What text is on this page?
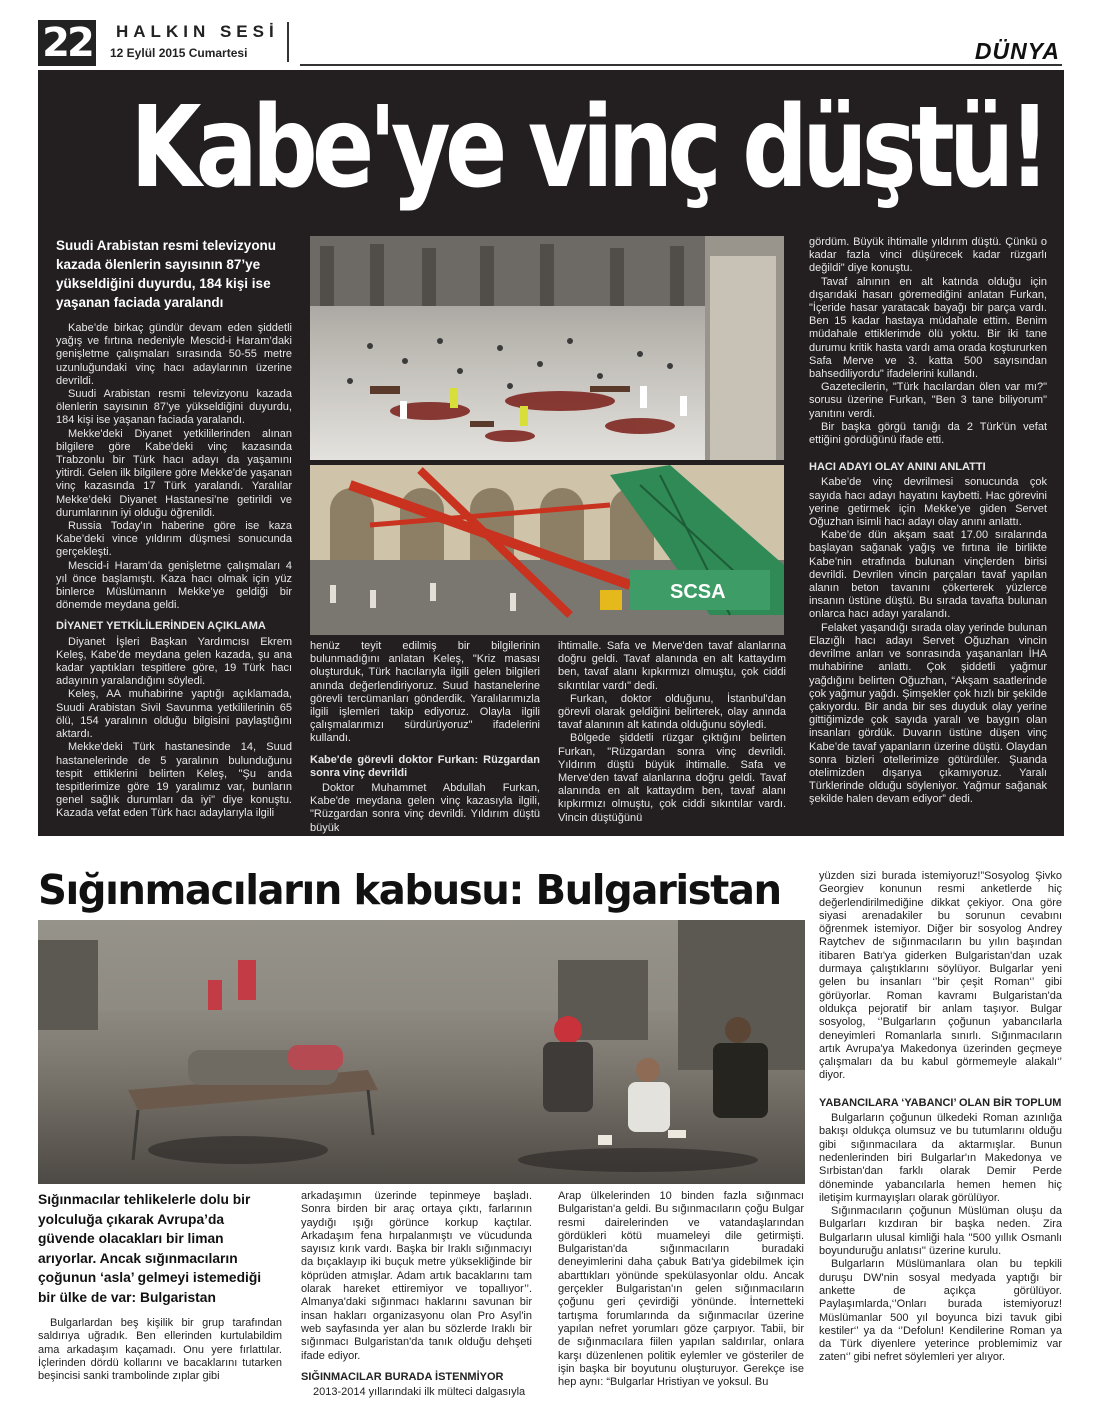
22 HALKIN SESİ
12 Eylül 2015 Cumartesi	DÜNYA
Kabe'ye vinç düştü!
Suudi Arabistan resmi televizyonu kazada ölenlerin sayısının 87’ye yükseldiğini duyurdu, 184 kişi ise yaşanan faciada yaralandı

Kabe’de birkaç gündür devam eden şiddetli yağış ve fırtına nedeniyle Mescid-i Haram’daki genişletme çalışmaları sırasında 50-55 metre uzunluğundaki vinç hacı adaylarının üzerine devrildi.

Suudi Arabistan resmi televizyonu kazada ölenlerin sayısının 87’ye yükseldiğini duyurdu, 184 kişi ise yaşanan faciada yaralandı.

Mekke'deki Diyanet yetkililerinden alınan bilgilere göre Kabe'deki vinç kazasında Trabzonlu bir Türk hacı adayı da yaşamını yitirdi. Gelen ilk bilgilere göre Mekke’de yaşanan vinç kazasında 17 Türk yaralandı. Yaralılar Mekke’deki Diyanet Hastanesi’ne getirildi ve durumlarının iyi olduğu öğrenildi.

Russia Today’ın haberine göre ise kaza Kabe’deki vince yıldırım düşmesi sonucunda gerçekleşti.

Mescid-i Haram’da genişletme çalışmaları 4 yıl önce başlamıştı. Kaza hacı olmak için yüz binlerce Müslümanın Mekke’ye geldiği bir dönemde meydana geldi.

DİYANET YETKİLİLERİNDEN AÇIKLAMA

Diyanet İşleri Başkan Yardımcısı Ekrem Keleş, Kabe'de meydana gelen kazada, şu ana kadar yaptıkları tespitlere göre, 19 Türk hacı adayının yaralandığını söyledi.

Keleş, AA muhabirine yaptığı açıklamada, Suudi Arabistan Sivil Savunma yetkililerinin 65 ölü, 154 yaralının olduğu bilgisini paylaştığını aktardı.

Mekke'deki Türk hastanesinde 14, Suud hastanelerinde de 5 yaralının bulunduğunu tespit ettiklerini belirten Keleş, "Şu anda tespitlerimize göre 19 yaralımız var, bunların genel sağlık durumları da iyi" diye konuştu. Kazada vefat eden Türk hacı adaylarıyla ilgili

SCSA

henüz teyit edilmiş bir bilgilerinin bulunmadığını anlatan Keleş, "Kriz masası oluşturduk, Türk hacılarıyla ilgili gelen bilgileri anında değerlendiriyoruz. Suud hastanelerine görevli tercümanları gönderdik. Yaralılarımızla ilgili işlemleri takip ediyoruz. Olayla ilgili çalışmalarımızı sürdürüyoruz" ifadelerini kullandı.

Kabe'de görevli doktor Furkan: Rüzgardan sonra vinç devrildi

Doktor Muhammet Abdullah Furkan, Kabe'de meydana gelen vinç kazasıyla ilgili, "Rüzgardan sonra vinç devrildi. Yıldırım düştü büyük

ihtimalle. Safa ve Merve'den tavaf alanlarına doğru geldi. Tavaf alanında en alt kattaydım ben, tavaf alanı kıpkırmızı olmuştu, çok ciddi sıkıntılar vardı" dedi.

Furkan, doktor olduğunu, İstanbul'dan görevli olarak geldiğini belirterek, olay anında tavaf alanının alt katında olduğunu söyledi.

Bölgede şiddetli rüzgar çıktığını belirten Furkan, "Rüzgardan sonra vinç devrildi. Yıldırım düştü büyük ihtimalle. Safa ve Merve'den tavaf alanlarına doğru geldi. Tavaf alanında en alt kattaydım ben, tavaf alanı kıpkırmızı olmuştu, çok ciddi sıkıntılar vardı. Vincin düştüğünü

gördüm. Büyük ihtimalle yıldırım düştü. Çünkü o kadar fazla vinci düşürecek kadar rüzgarlı değildi" diye konuştu.

Tavaf alnının en alt katında olduğu için dışarıdaki hasarı göremediğini anlatan Furkan, "İçeride hasar yaratacak bayağı bir parça vardı. Ben 15 kadar hastaya müdahale ettim. Benim müdahale ettiklerimde ölü yoktu. Bir iki tane durumu kritik hasta vardı ama orada koştururken Safa Merve ve 3. katta 500 sayısından bahsediliyordu" ifadelerini kullandı.

Gazetecilerin, "Türk hacılardan ölen var mı?" sorusu üzerine Furkan, "Ben 3 tane biliyorum" yanıtını verdi.

Bir başka görgü tanığı da 2 Türk'ün vefat ettiğini gördüğünü ifade etti.

HACI ADAYI OLAY ANINI ANLATTI

Kabe’de vinç devrilmesi sonucunda çok sayıda hacı adayı hayatını kaybetti. Hac görevini yerine getirmek için Mekke’ye giden Servet Oğuzhan isimli hacı adayı olay anını anlattı.

Kabe’de dün akşam saat 17.00 sıralarında başlayan sağanak yağış ve fırtına ile birlikte Kabe’nin etrafında bulunan vinçlerden birisi devrildi. Devrilen vincin parçaları tavaf yapılan alanın beton tavanını çökerterek yüzlerce insanın üstüne düştü. Bu sırada tavafta bulunan onlarca hacı adayı yaralandı.

Felaket yaşandığı sırada olay yerinde bulunan Elazığlı hacı adayı Servet Oğuzhan vincin devrilme anları ve sonrasında yaşananları İHA muhabirine anlattı. Çok şiddetli yağmur yağdığını belirten Oğuzhan, “Akşam saatlerinde çok yağmur yağdı. Şimşekler çok hızlı bir şekilde çakıyordu. Bir anda bir ses duyduk olay yerine gittiğimizde çok sayıda yaralı ve baygın olan insanları gördük. Duvarın üstüne düşen vinç Kabe’de tavaf yapanların üzerine düştü. Olaydan sonra bizleri otellerimize götürdüler. Şuanda otelimizden dışarıya çıkamıyoruz. Yaralı Türklerinde olduğu söyleniyor. Yağmur sağanak şekilde halen devam ediyor” dedi.

Sığınmacıların kabusu: Bulgaristan
Sığınmacılar tehlikelerle dolu bir yolculuğa çıkarak Avrupa’da güvende olacakları bir liman arıyorlar. Ancak sığınmacıların çoğunun ‘asla’ gelmeyi istemediği bir ülke de var: Bulgaristan

Bulgarlardan beş kişilik bir grup tarafından saldırıya uğradık. Ben ellerinden kurtulabildim ama arkadaşım kaçamadı. Onu yere fırlattılar. İçlerinden dördü kollarını ve bacaklarını tutarken beşincisi sanki trambolinde zıplar gibi

arkadaşımın üzerinde tepinmeye başladı. Sonra birden bir araç ortaya çıktı, farlarının yaydığı ışığı görünce korkup kaçtılar. Arkadaşım fena hırpalanmıştı ve vücudunda sayısız kırık vardı. Başka bir Iraklı sığınmacıyı da bıçaklayıp iki buçuk metre yüksekliğinde bir köprüden atmışlar. Adam artık bacaklarını tam olarak hareket ettiremiyor ve topallıyor’’. Almanya'daki sığınmacı haklarını savunan bir insan hakları organizasyonu olan Pro Asyl'in web sayfasında yer alan bu sözlerde Iraklı bir sığınmacı Bulgaristan'da tanık olduğu dehşeti ifade ediyor.

SIĞINMACILAR BURADA İSTENMİYOR

2013-2014 yıllarındaki ilk mülteci dalgasıyla

Arap ülkelerinden 10 binden fazla sığınmacı Bulgaristan'a geldi. Bu sığınmacıların çoğu Bulgar resmi dairelerinden ve vatandaşlarından gördükleri kötü muameleyi dile getirmişti. Bulgaristan'da sığınmacıların buradaki deneyimlerini daha çabuk Batı'ya gidebilmek için abarttıkları yönünde spekülasyonlar oldu. Ancak gerçekler Bulgaristan'ın gelen sığınmacıların çoğunu geri çevirdiği yönünde. İnternetteki tartışma forumlarında da sığınmacılar üzerine yapılan nefret yorumları göze çarpıyor. Tabii, bir de sığınmacılara fiilen yapılan saldırılar, onlara karşı düzenlenen politik eylemler ve gösteriler de işin başka bir boyutunu oluşturuyor. Gerekçe ise hep aynı: “Bulgarlar Hristiyan ve yoksul. Bu

yüzden sizi burada istemiyoruz!”Sosyolog Şivko Georgiev konunun resmi anketlerde hiç değerlendirilmediğine dikkat çekiyor. Ona göre siyasi arenadakiler bu sorunun cevabını öğrenmek istemiyor. Diğer bir sosyolog Andrey Raytchev de sığınmacıların bu yılın başından itibaren Batı'ya giderken Bulgaristan'dan uzak durmaya çalıştıklarını söylüyor. Bulgarlar yeni gelen bu insanları ‘’bir çeşit Roman‘’ gibi görüyorlar. Roman kavramı Bulgaristan'da oldukça pejoratif bir anlam taşıyor. Bulgar sosyolog, ‘’Bulgarların çoğunun yabancılarla deneyimleri Romanlarla sınırlı. Sığınmacıların artık Avrupa'ya Makedonya üzerinden geçmeye çalışmaları da bu kabul görmemeyle alakalı‘’ diyor.

YABANCILARA ‘YABANCI’ OLAN BİR TOPLUM

Bulgarların çoğunun ülkedeki Roman azınlığa bakışı oldukça olumsuz ve bu tutumlarını olduğu gibi sığınmacılara da aktarmışlar. Bunun nedenlerinden biri Bulgarlar'ın Makedonya ve Sırbistan'dan farklı olarak Demir Perde döneminde yabancılarla hemen hemen hiç iletişim kurmayışları olarak görülüyor.

Sığınmacıların çoğunun Müslüman oluşu da Bulgarları kızdıran bir başka neden. Zira Bulgarların ulusal kimliği hala ''500 yıllık Osmanlı boyunduruğu anlatısı'' üzerine kurulu.

Bulgarların Müslümanlara olan bu tepkili duruşu DW'nin sosyal medyada yaptığı bir ankette de açıkça görülüyor. Paylaşımlarda,‘’Onları burada istemiyoruz! Müslümanlar 500 yıl boyunca bizi tavuk gibi kestiler‘’ ya da ‘’Defolun! Kendilerine Roman ya da Türk diyenlere yeterince problemimiz var zaten‘’ gibi nefret söylemleri yer alıyor.
